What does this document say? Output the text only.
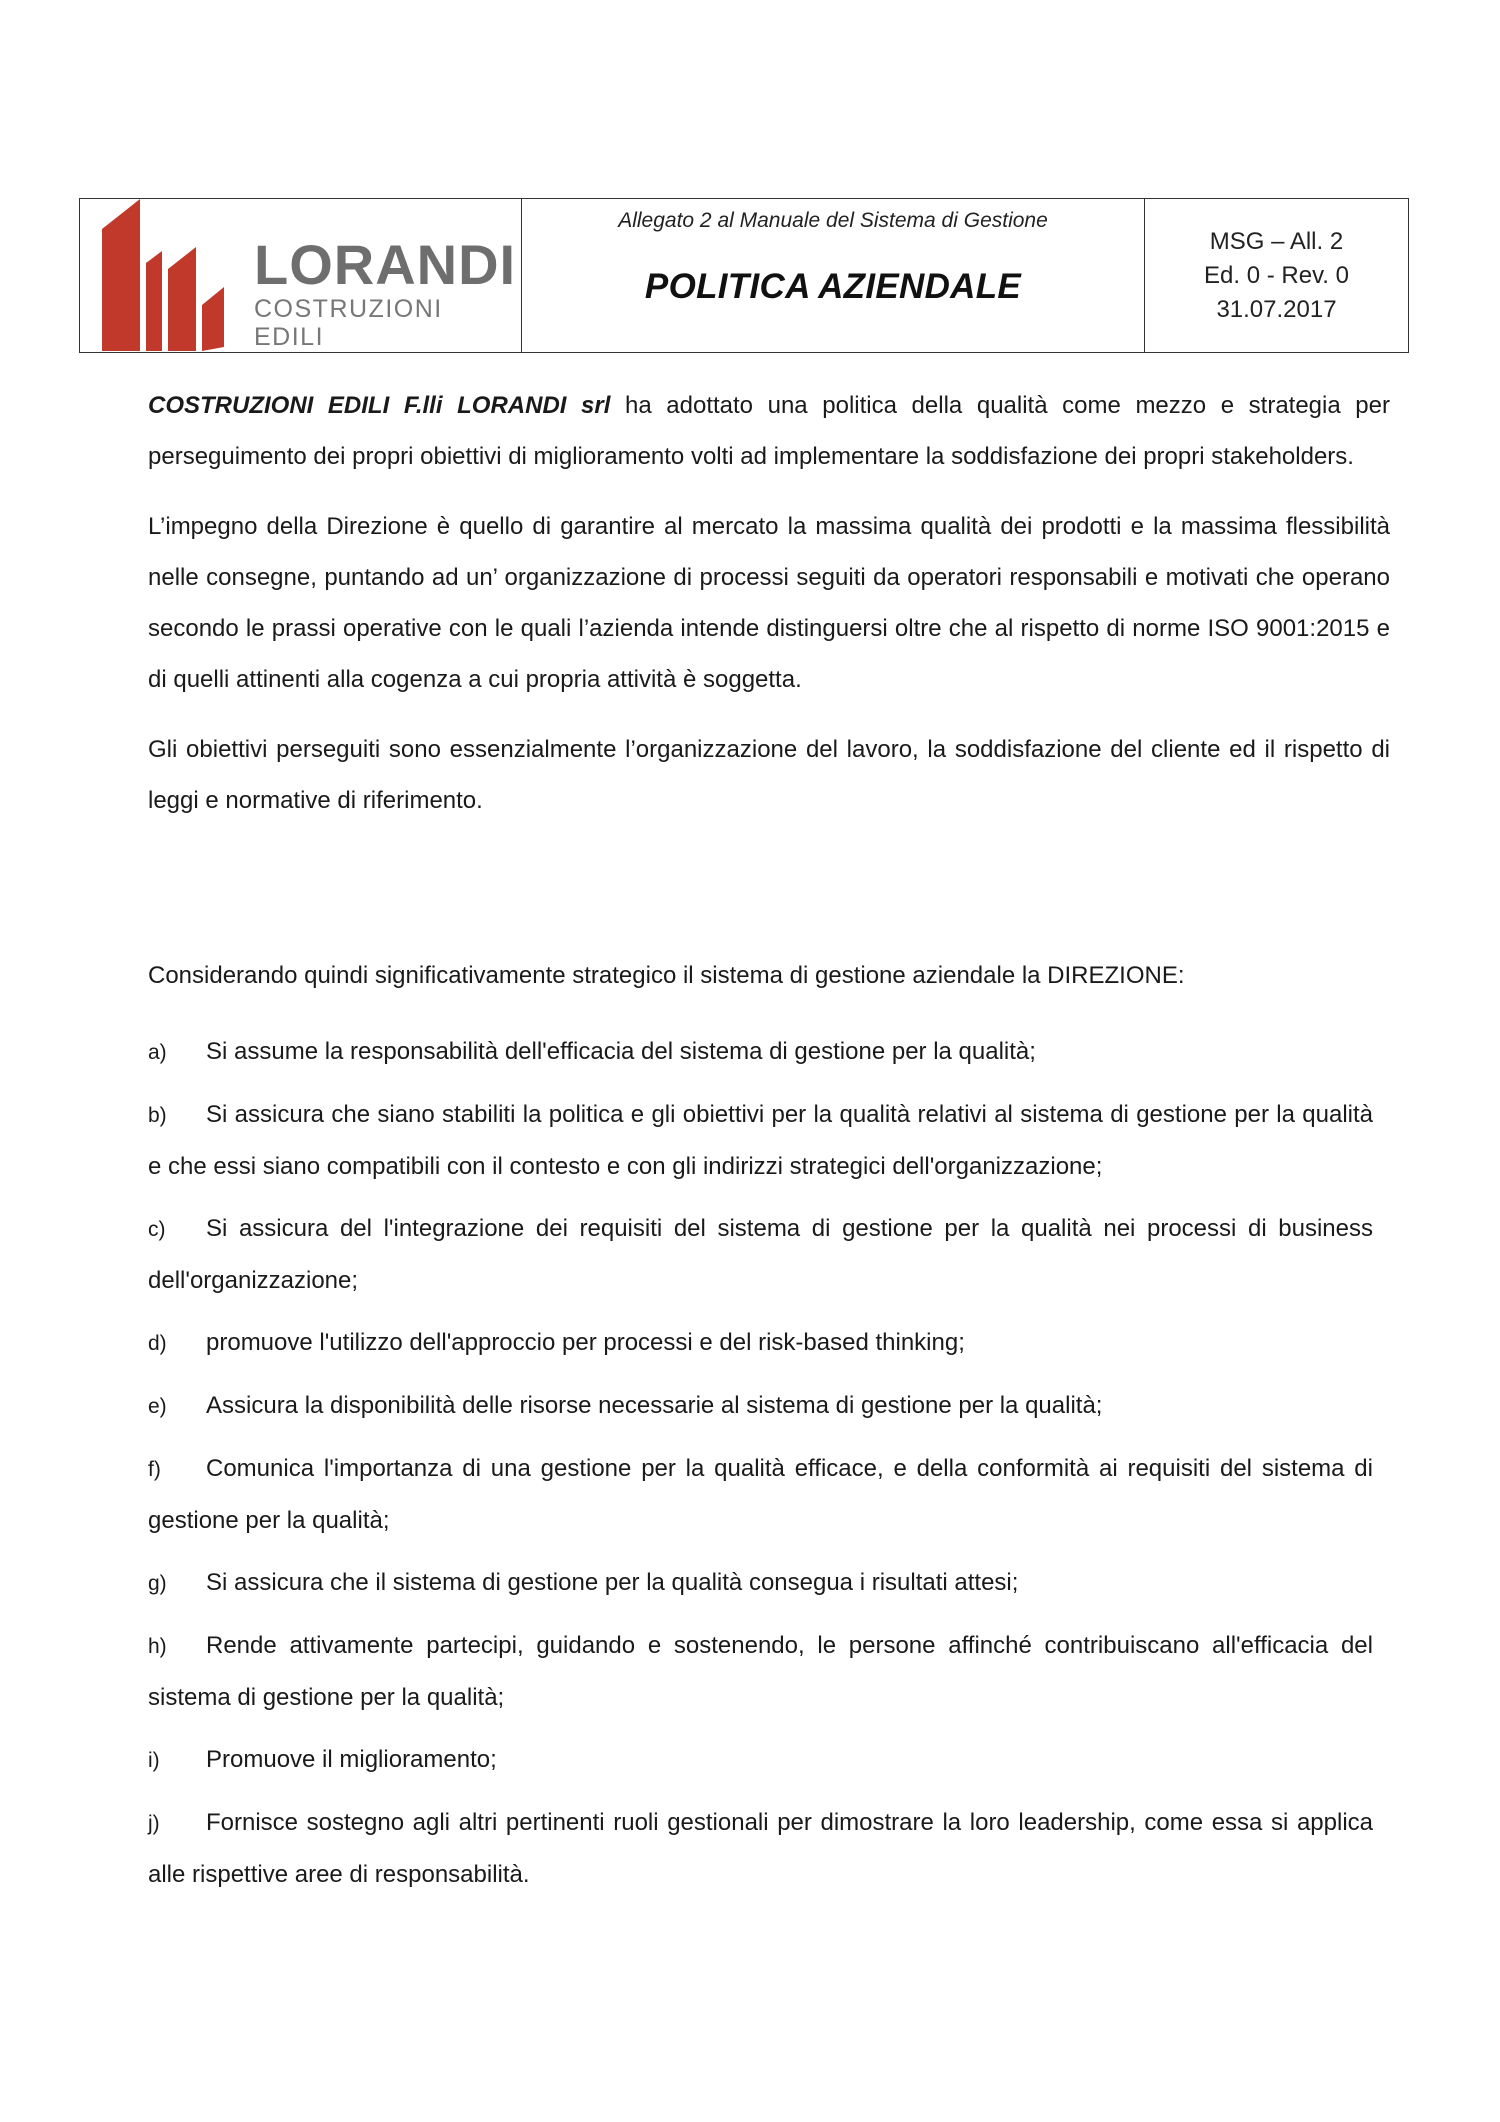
LORANDI
COSTRUZIONI EDILI
Allegato 2 al Manuale del Sistema di Gestione
POLITICA AZIENDALE
MSG – All. 2
Ed. 0 - Rev. 0
31.07.2017

COSTRUZIONI EDILI F.lli LORANDI srl ha adottato una politica della qualità come mezzo e strategia per perseguimento dei propri obiettivi di miglioramento volti ad implementare la soddisfazione dei propri stakeholders.

L’impegno della Direzione è quello di garantire al mercato la massima qualità dei prodotti e la massima flessibilità nelle consegne, puntando ad un’ organizzazione di processi seguiti da operatori responsabili e motivati che operano secondo le prassi operative con le quali l’azienda intende distinguersi oltre che al rispetto di norme ISO 9001:2015 e di quelli attinenti alla cogenza a cui propria attività è soggetta.

Gli obiettivi perseguiti sono essenzialmente l’organizzazione del lavoro, la soddisfazione del cliente ed il rispetto di leggi e normative di riferimento.

Considerando quindi significativamente strategico il sistema di gestione aziendale la DIREZIONE:
a) Si assume la responsabilità dell'efficacia del sistema di gestione per la qualità;
b) Si assicura che siano stabiliti la politica e gli obiettivi per la qualità relativi al sistema di gestione per la qualità e che essi siano compatibili con il contesto e con gli indirizzi strategici dell'organizzazione;
c) Si assicura del l'integrazione dei requisiti del sistema di gestione per la qualità nei processi di business dell'organizzazione;
d) promuove l'utilizzo dell'approccio per processi e del risk-based thinking;
e) Assicura la disponibilità delle risorse necessarie al sistema di gestione per la qualità;
f) Comunica l'importanza di una gestione per la qualità efficace, e della conformità ai requisiti del sistema di gestione per la qualità;
g) Si assicura che il sistema di gestione per la qualità consegua i risultati attesi;
h) Rende attivamente partecipi, guidando e sostenendo, le persone affinché contribuiscano all'efficacia del sistema di gestione per la qualità;
i) Promuove il miglioramento;
j) Fornisce sostegno agli altri pertinenti ruoli gestionali per dimostrare la loro leadership, come essa si applica alle rispettive aree di responsabilità.
